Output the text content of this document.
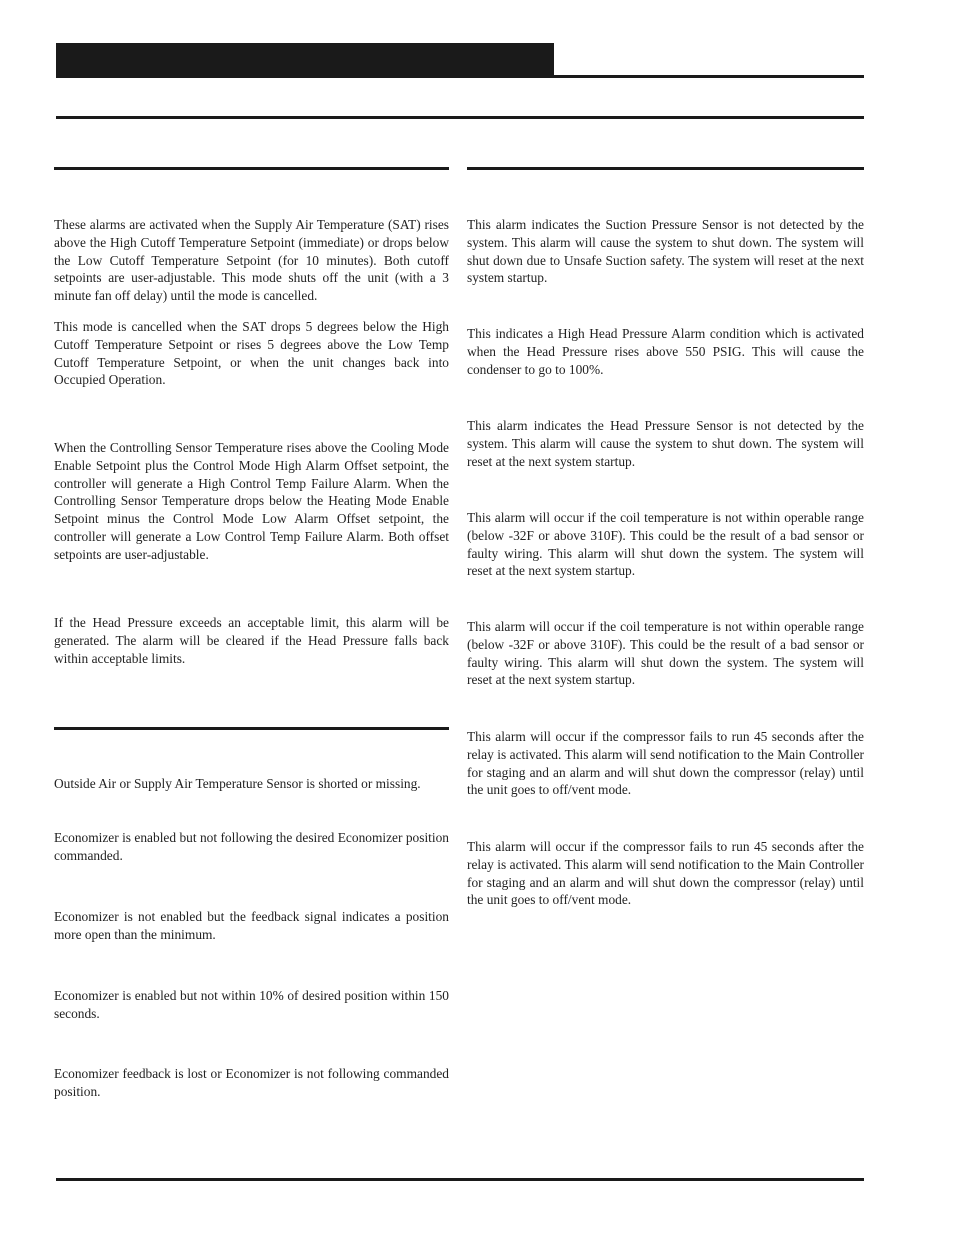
These alarms are activated when the Supply Air Temperature (SAT) rises above the High Cutoff Temperature Setpoint (immediate) or drops below the Low Cutoff Temperature Setpoint (for 10 minutes). Both cutoff setpoints are user-adjustable. This mode shuts off the unit (with a 3 minute fan off delay) until the mode is cancelled.

This mode is cancelled when the SAT drops 5 degrees below the High Cutoff Temperature Setpoint or rises 5 degrees above the Low Temp Cutoff Temperature Setpoint, or when the unit changes back into Occupied Operation.

When the Controlling Sensor Temperature rises above the Cooling Mode Enable Setpoint plus the Control Mode High Alarm Offset setpoint, the controller will generate a High Control Temp Failure Alarm. When the Controlling Sensor Temperature drops below the Heating Mode Enable Setpoint minus the Control Mode Low Alarm Offset setpoint, the controller will generate a Low Control Temp Failure Alarm. Both offset setpoints are user-adjustable.

If the Head Pressure exceeds an acceptable limit, this alarm will be generated. The alarm will be cleared if the Head Pressure falls back within acceptable limits.

Outside Air or Supply Air Temperature Sensor is shorted or missing.

Economizer is enabled but not following the desired Economizer position commanded.

Economizer is not enabled but the feedback signal indicates a position more open than the minimum.

Economizer is enabled but not within 10% of desired position within 150 seconds.

Economizer feedback is lost or Economizer is not following commanded position.

This alarm indicates the Suction Pressure Sensor is not detected by the system. This alarm will cause the system to shut down. The system will shut down due to Unsafe Suction safety. The system will reset at the next system startup.

This indicates a High Head Pressure Alarm condition which is activated when the Head Pressure rises above 550 PSIG. This will cause the condenser to go to 100%.

This alarm indicates the Head Pressure Sensor is not detected by the system. This alarm will cause the system to shut down. The system will reset at the next system startup.

This alarm will occur if the coil temperature is not within operable range (below -32F or above 310F). This could be the result of a bad sensor or faulty wiring. This alarm will shut down the system. The system will reset at the next system startup.

This alarm will occur if the coil temperature is not within operable range (below -32F or above 310F). This could be the result of a bad sensor or faulty wiring. This alarm will shut down the system. The system will reset at the next system startup.

This alarm will occur if the compressor fails to run 45 seconds after the relay is activated. This alarm will send notification to the Main Controller for staging and an alarm and will shut down the compressor (relay) until the unit goes to off/vent mode.

This alarm will occur if the compressor fails to run 45 seconds after the relay is activated. This alarm will send notification to the Main Controller for staging and an alarm and will shut down the compressor (relay) until the unit goes to off/vent mode.
